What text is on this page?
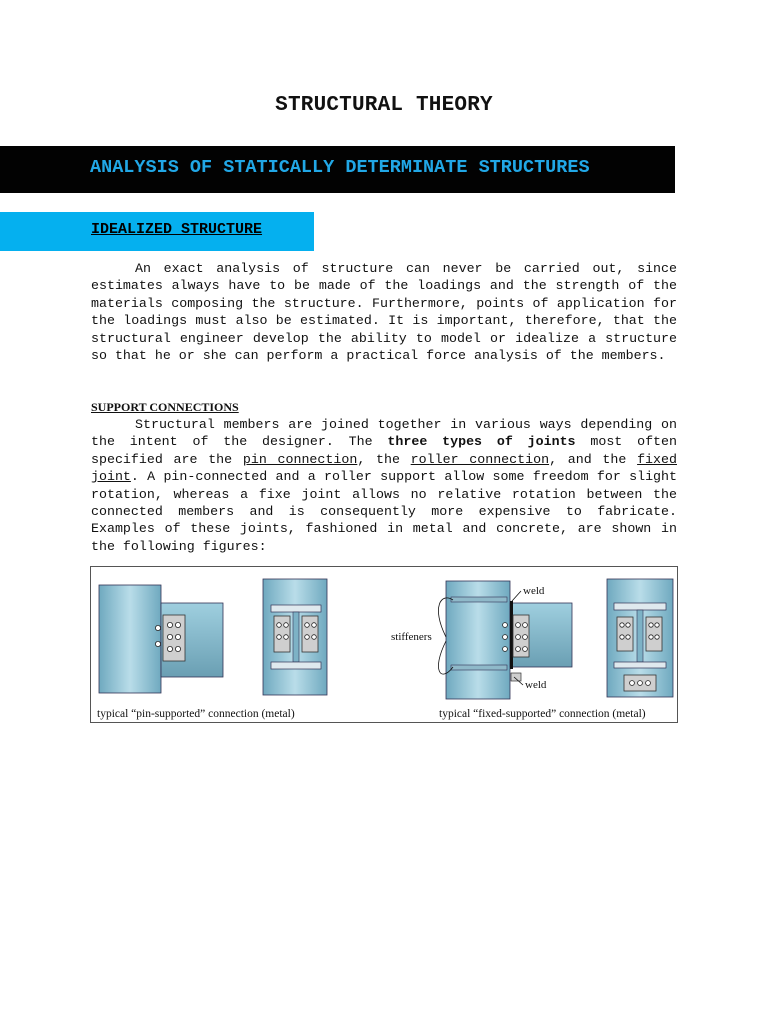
STRUCTURAL THEORY
ANALYSIS OF STATICALLY DETERMINATE STRUCTURES
IDEALIZED STRUCTURE

An exact analysis of structure can never be carried out, since estimates always have to be made of the loadings and the strength of the materials composing the structure. Furthermore, points of application for the loadings must also be estimated. It is important, therefore, that the structural engineer develop the ability to model or idealize a structure so that he or she can perform a practical force analysis of the members.

SUPPORT CONNECTIONS

Structural members are joined together in various ways depending on the intent of the designer. The three types of joints most often specified are the pin connection, the roller connection, and the fixed joint. A pin-connected and a roller support allow some freedom for slight rotation, whereas a fixe joint allows no relative rotation between the connected members and is consequently more expensive to fabricate. Examples of these joints, fashioned in metal and concrete, are shown in the following figures:

weld
stiffeners
weld
typical “pin-supported” connection (metal)	typical “fixed-supported” connection (metal)
